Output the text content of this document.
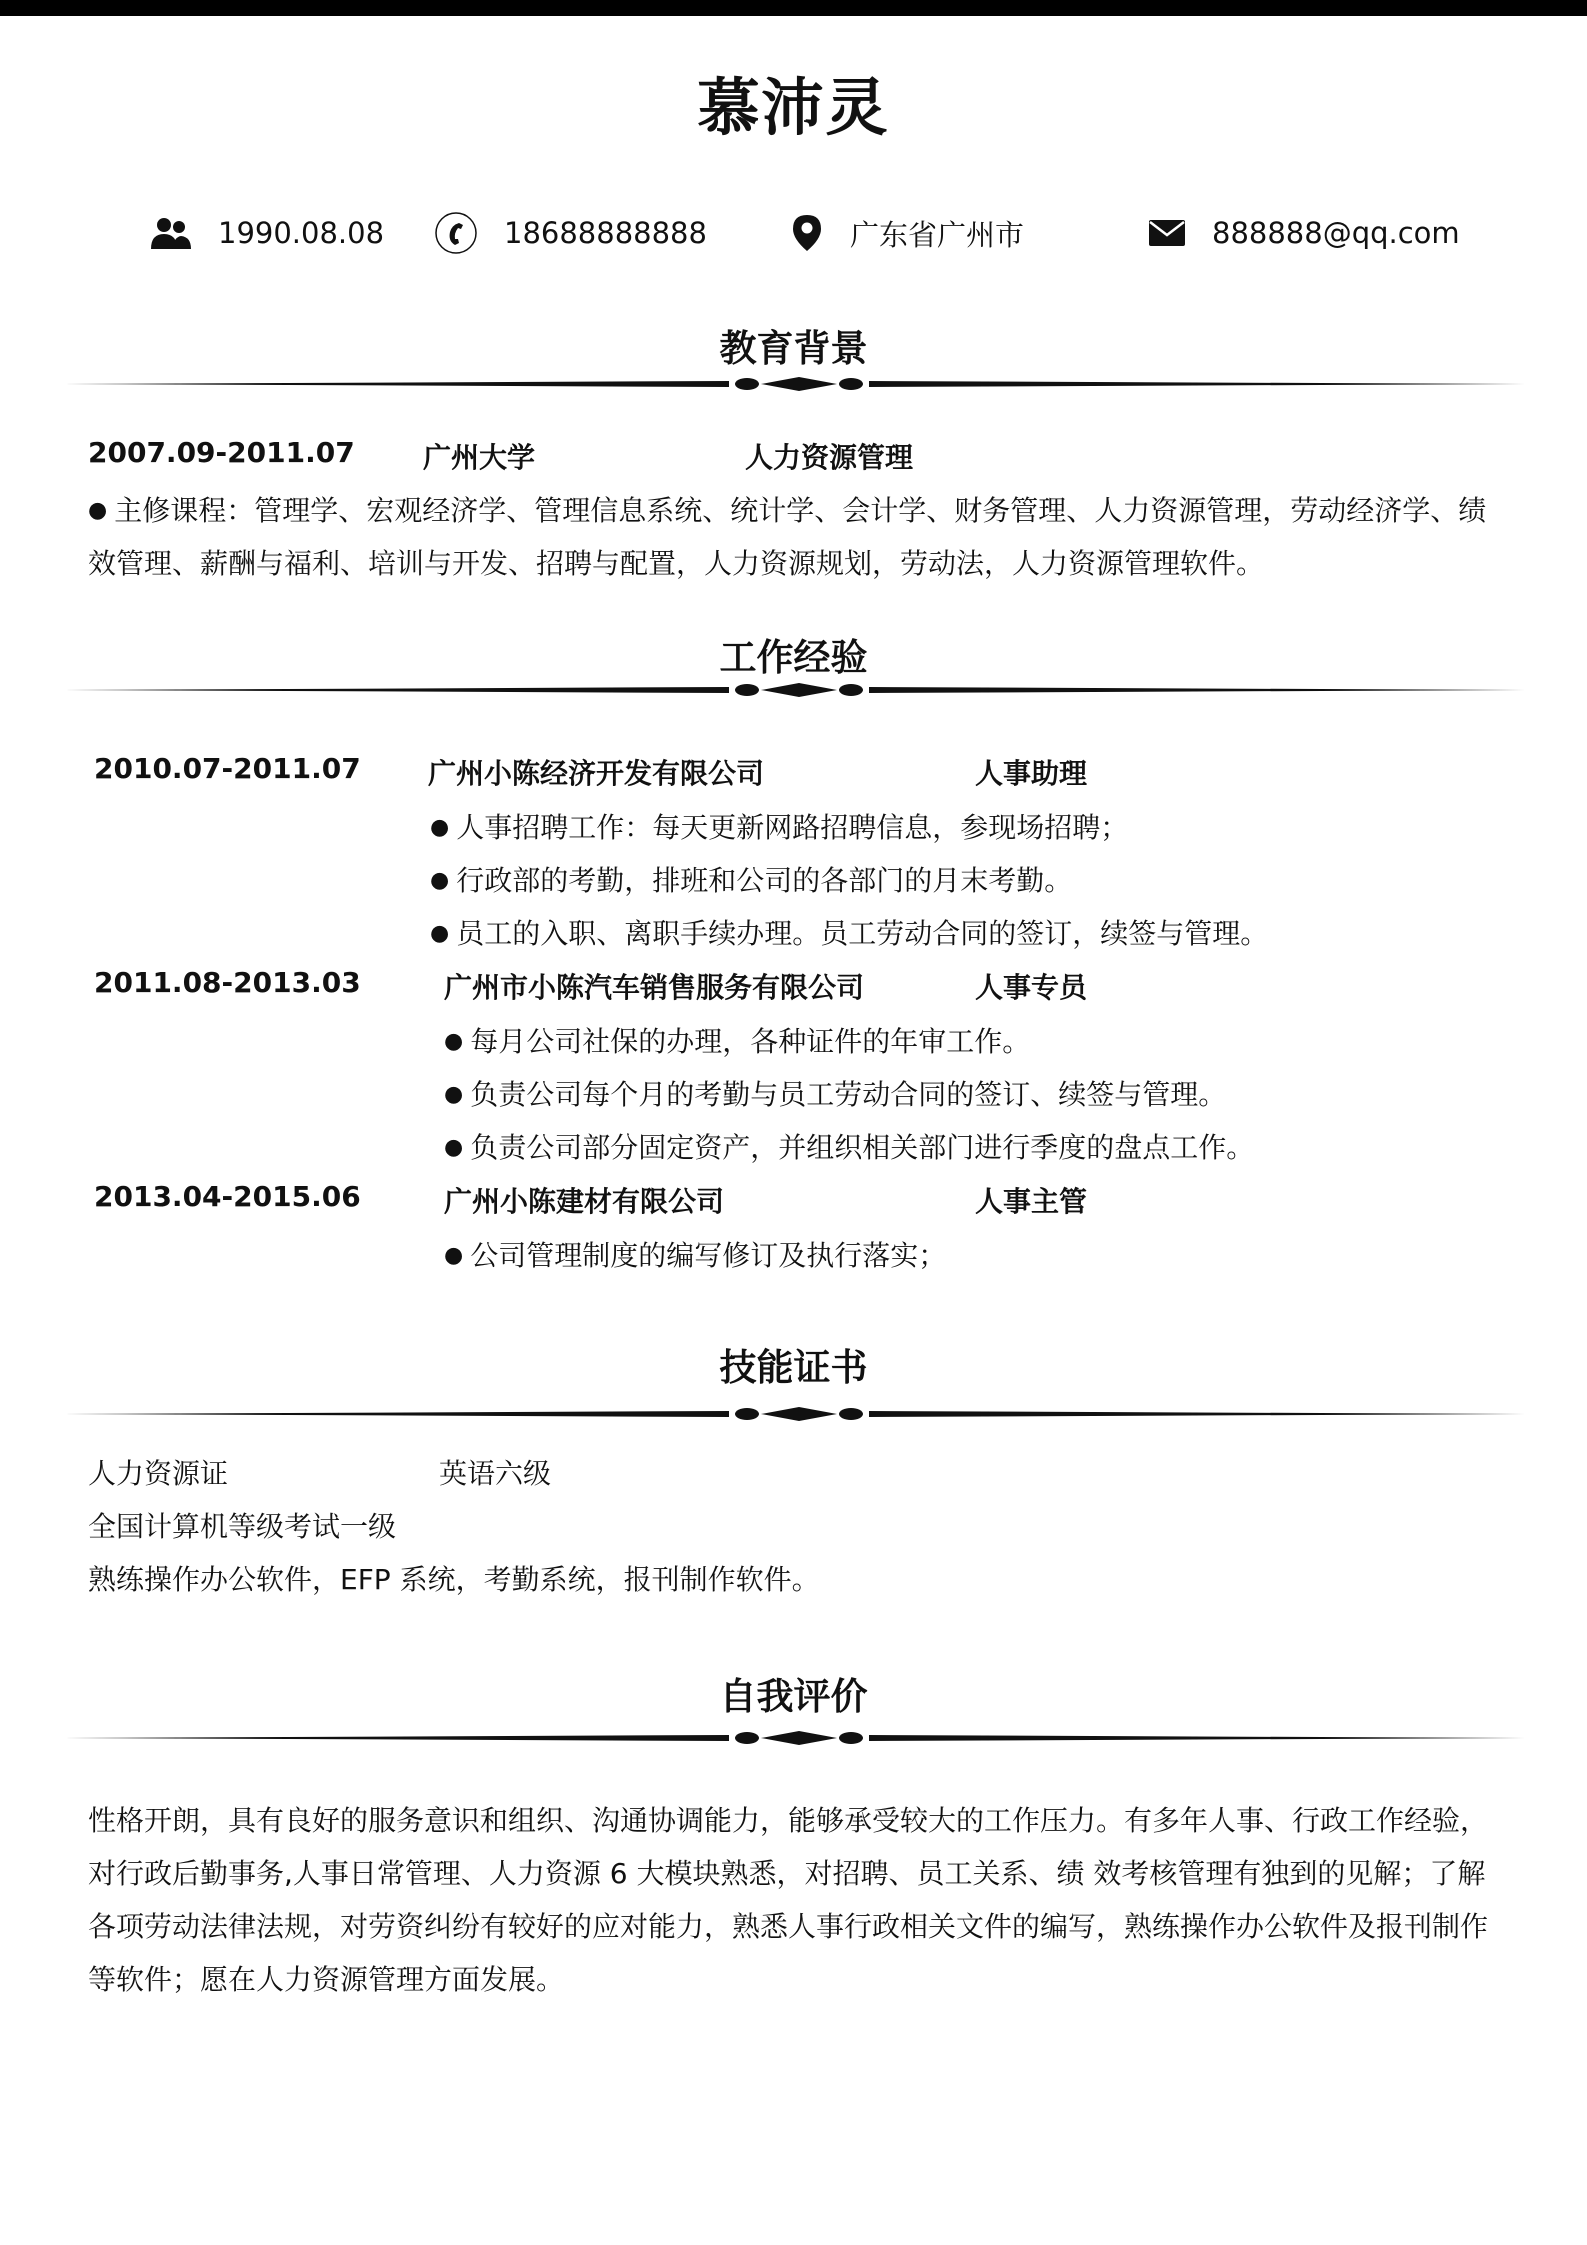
慕沛灵
1990.08.08	18688888888	广东省广州市	888888@qq.com
教育背景
2007.09-2011.07 广州大学	人力资源管理
● 主修课程：管理学、宏观经济学、管理信息系统、统计学、会计学、财务管理、人力资源管理，劳动经济学、绩效管理、薪酬与福利、培训与开发、招聘与配置，人力资源规划，劳动法，人力资源管理软件。
工作经验
2010.07-2011.07 广州小陈经济开发有限公司	人事助理
● 人事招聘工作：每天更新网路招聘信息，参现场招聘；
● 行政部的考勤，排班和公司的各部门的月末考勤。
● 员工的入职、离职手续办理。员工劳动合同的签订，续签与管理。
2011.08-2013.03	广州市小陈汽车销售服务有限公司	人事专员
● 每月公司社保的办理，各种证件的年审工作。
● 负责公司每个月的考勤与员工劳动合同的签订、续签与管理。
● 负责公司部分固定资产，并组织相关部门进行季度的盘点工作。
2013.04-2015.06	广州小陈建材有限公司	人事主管
● 公司管理制度的编写修订及执行落实；
技能证书
人力资源证	英语六级
全国计算机等级考试一级
熟练操作办公软件，EFP 系统，考勤系统，报刊制作软件。
自我评价
性格开朗，具有良好的服务意识和组织、沟通协调能力，能够承受较大的工作压力。有多年人事、行政工作经验，对行政后勤事务,人事日常管理、人力资源 6 大模块熟悉，对招聘、员工关系、绩 效考核管理有独到的见解；了解各项劳动法律法规，对劳资纠纷有较好的应对能力，熟悉人事行政相关文件的编写，熟练操作办公软件及报刊制作等软件；愿在人力资源管理方面发展。
